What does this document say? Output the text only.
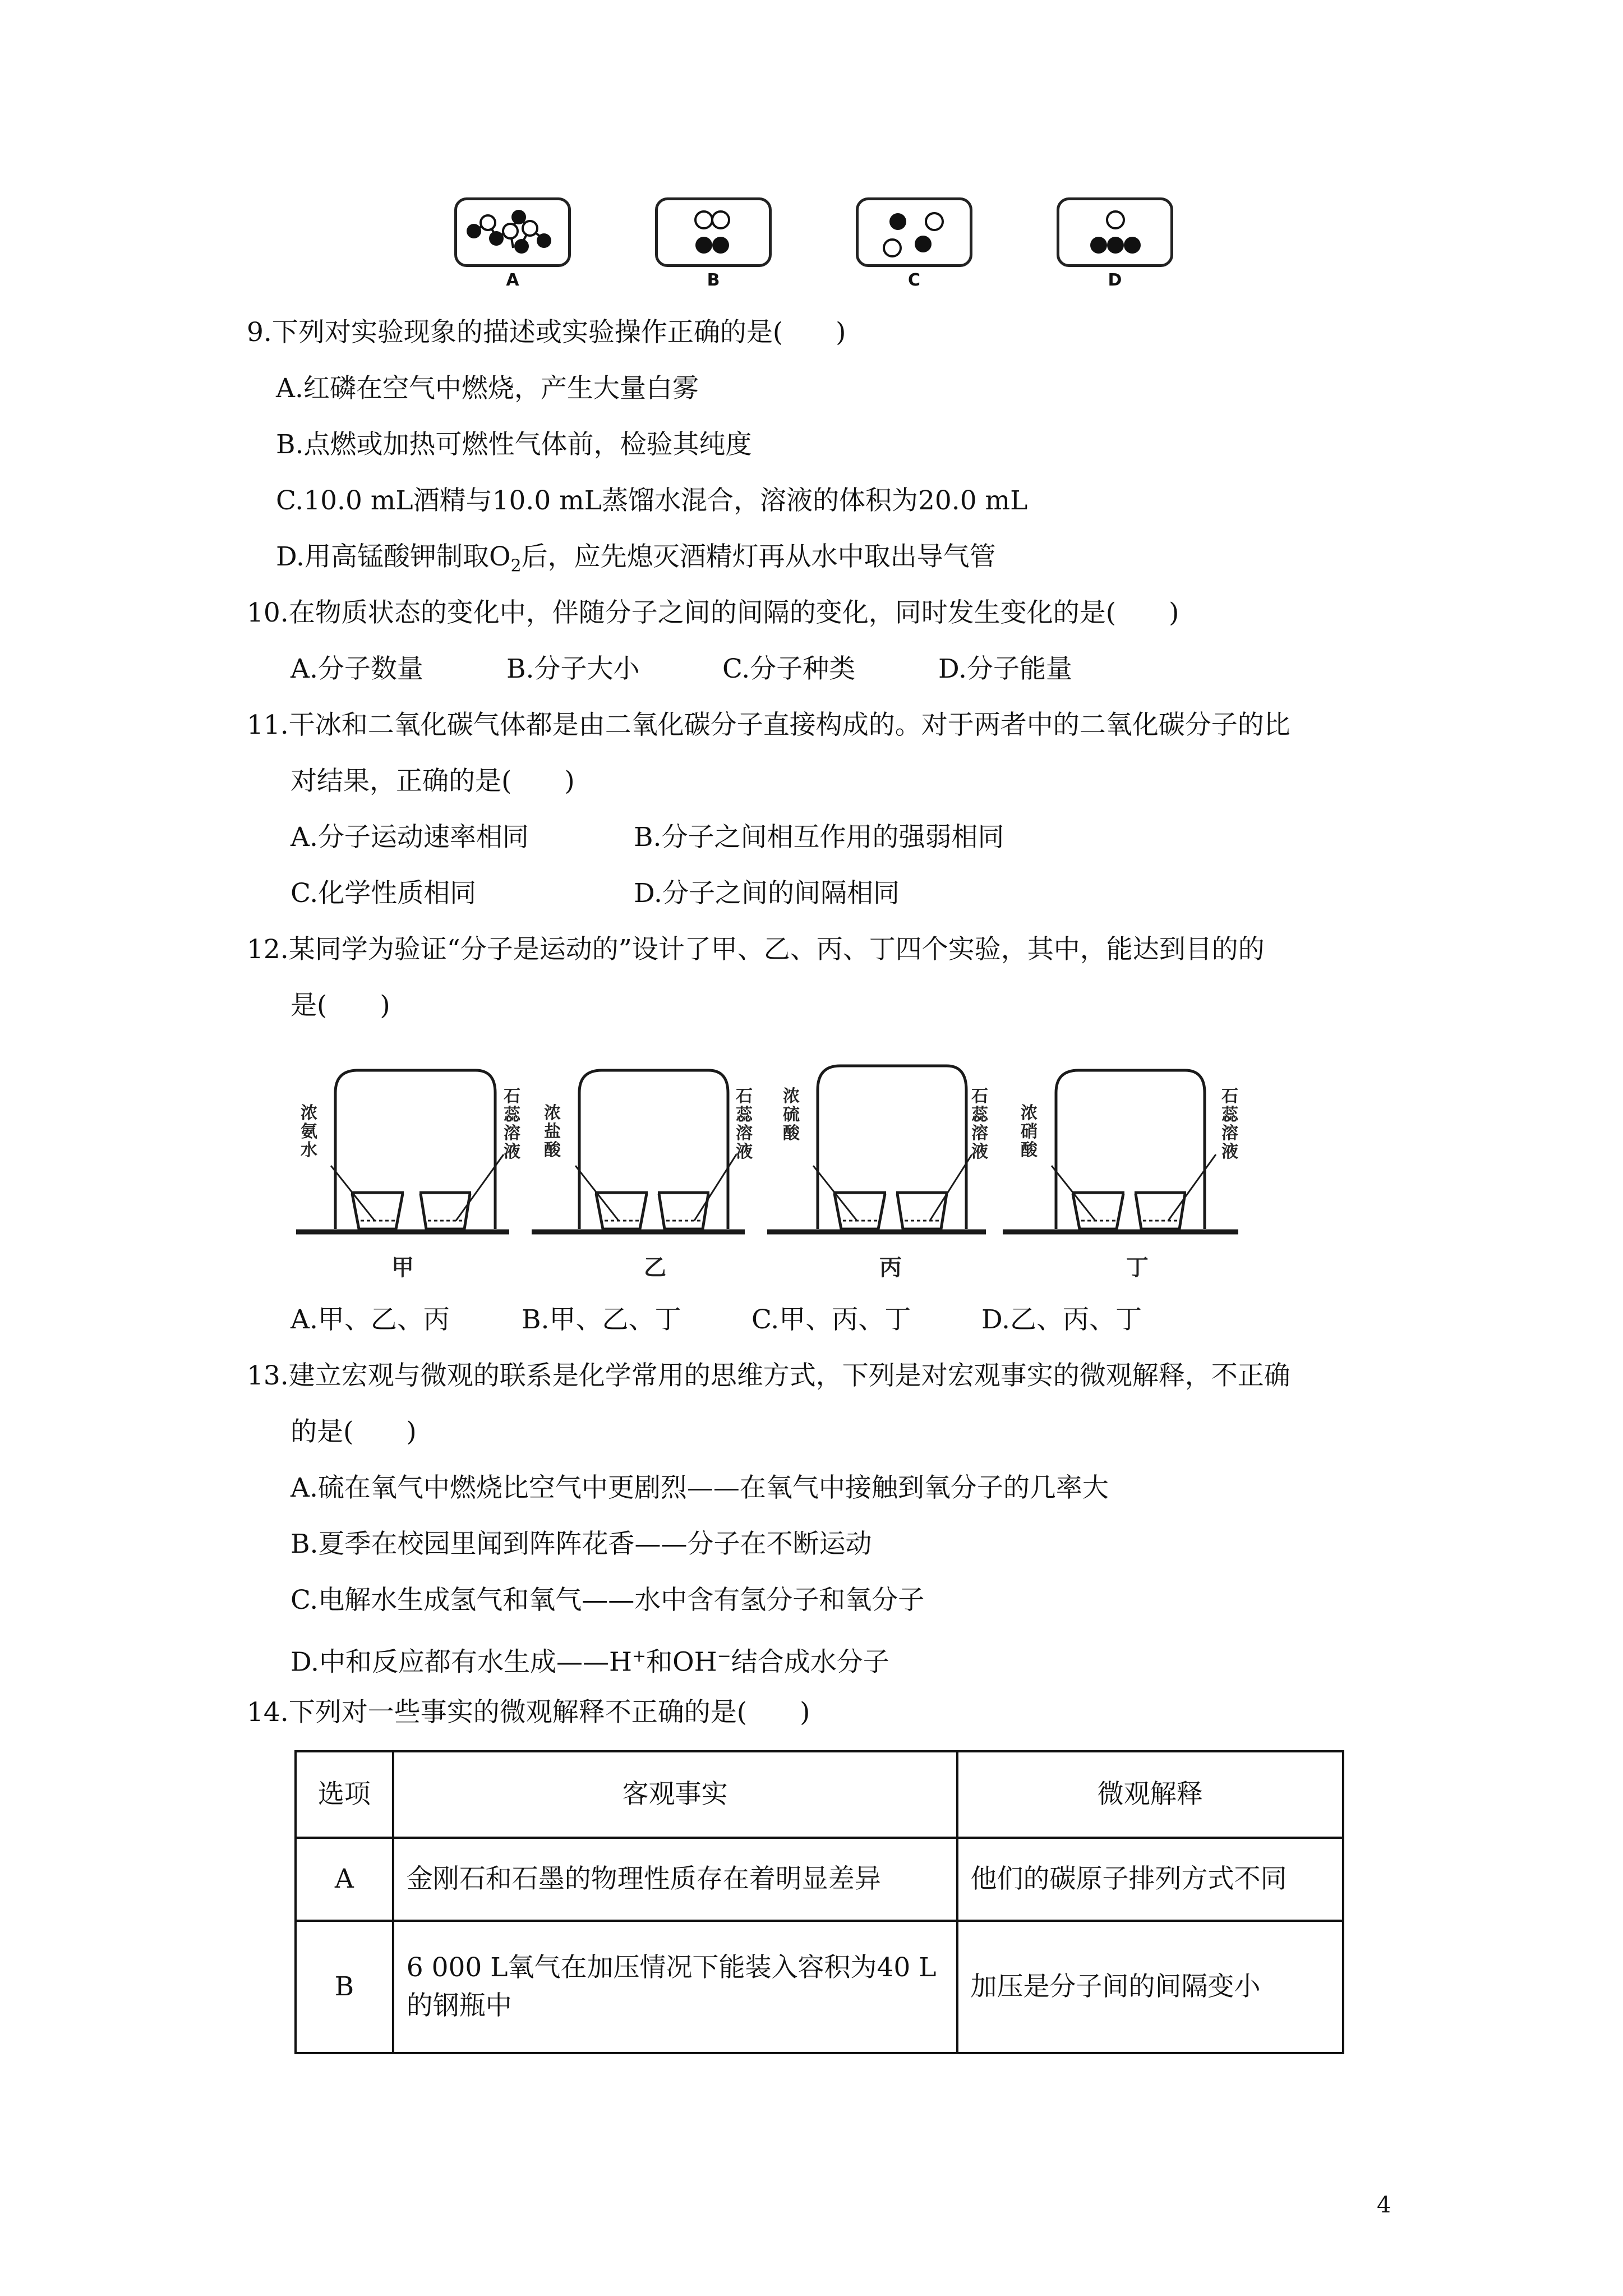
A	B	C	D
9.下列对实验现象的描述或实验操作正确的是(　　)
A.红磷在空气中燃烧，产生大量白雾
B.点燃或加热可燃性气体前，检验其纯度
C.10.0 mL酒精与10.0 mL蒸馏水混合，溶液的体积为20.0 mL
D.用高锰酸钾制取$O_2$后，应先熄灭酒精灯再从水中取出导气管
10.在物质状态的变化中，伴随分子之间的间隔的变化，同时发生变化的是(　　)
A.分子数量	B.分子大小	C.分子种类	D.分子能量
11.干冰和二氧化碳气体都是由二氧化碳分子直接构成的。对于两者中的二氧化碳分子的比
对结果，正确的是(　　)
A.分子运动速率相同	B.分子之间相互作用的强弱相同
C.化学性质相同	D.分子之间的间隔相同
12.某同学为验证“分子是运动的”设计了甲、乙、丙、丁四个实验，其中，能达到目的的
是(　　)
浓氨水
石蕊溶液
浓盐酸
石蕊溶液
浓硫酸
石蕊溶液
浓硝酸
石蕊溶液
甲	乙	丙	丁
A.甲、乙、丙	B.甲、乙、丁	C.甲、丙、丁	D.乙、丙、丁
13.建立宏观与微观的联系是化学常用的思维方式，下列是对宏观事实的微观解释，不正确
的是(　　)
A.硫在氧气中燃烧比空气中更剧烈——在氧气中接触到氧分子的几率大
B.夏季在校园里闻到阵阵花香——分子在不断运动
C.电解水生成氢气和氧气——水中含有氢分子和氧分子
D.中和反应都有水生成——H+和OH−结合成水分子
14.下列对一些事实的微观解释不正确的是(　　)
选项	客观事实	微观解释
A	金刚石和石墨的物理性质存在着明显差异	他们的碳原子排列方式不同
B	6 000 L氧气在加压情况下能装入容积为40 L的钢瓶中	加压是分子间的间隔变小
4
